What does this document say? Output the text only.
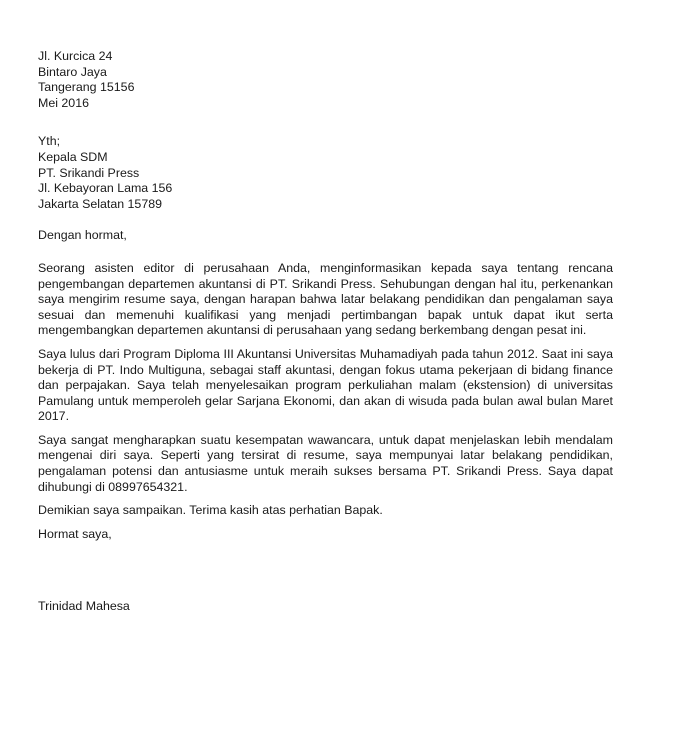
Jl. Kurcica 24
Bintaro Jaya
Tangerang 15156
Mei 2016
Yth;
Kepala SDM
PT. Srikandi Press
Jl. Kebayoran Lama 156
Jakarta Selatan 15789
Dengan hormat,

Seorang asisten editor di perusahaan Anda, menginformasikan kepada saya tentang rencana pengembangan departemen akuntansi di PT. Srikandi Press. Sehubungan dengan hal itu, perkenankan saya mengirim resume saya, dengan harapan bahwa latar belakang pendidikan dan pengalaman saya sesuai dan memenuhi kualifikasi yang menjadi pertimbangan bapak untuk dapat ikut serta mengembangkan departemen akuntansi di perusahaan yang sedang berkembang dengan pesat ini.

Saya lulus dari Program Diploma III Akuntansi Universitas Muhamadiyah pada tahun 2012. Saat ini saya bekerja di PT. Indo Multiguna, sebagai staff akuntasi, dengan fokus utama pekerjaan di bidang finance dan perpajakan. Saya telah menyelesaikan program perkuliahan malam (ekstension) di universitas Pamulang untuk memperoleh gelar Sarjana Ekonomi, dan akan di wisuda pada bulan awal bulan Maret 2017.

Saya sangat mengharapkan suatu kesempatan wawancara, untuk dapat menjelaskan lebih mendalam mengenai diri saya. Seperti yang tersirat di resume, saya mempunyai latar belakang pendidikan, pengalaman potensi dan antusiasme untuk meraih sukses bersama PT. Srikandi Press. Saya dapat dihubungi di 08997654321.

Demikian saya sampaikan. Terima kasih atas perhatian Bapak.

Hormat saya,
Trinidad Mahesa
